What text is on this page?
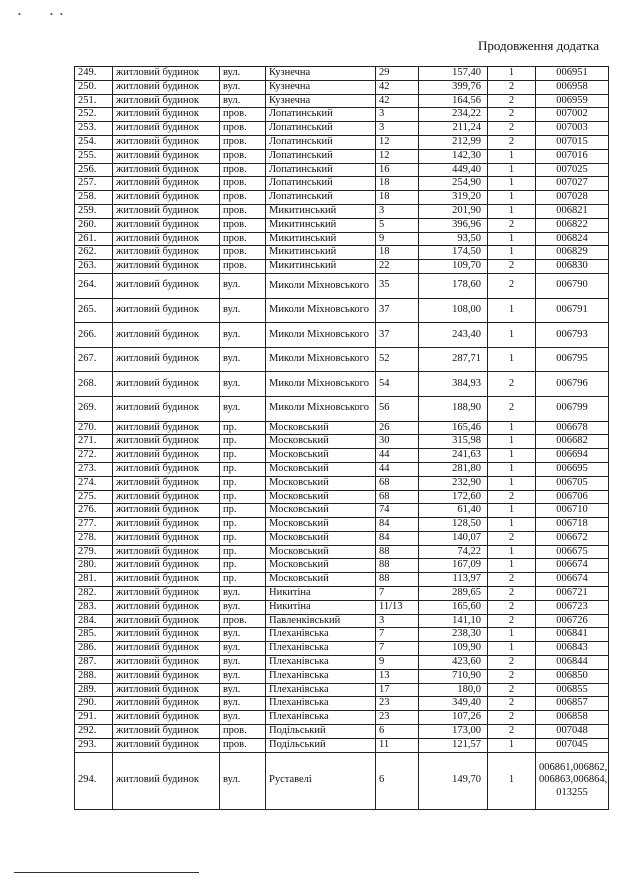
Продовження додатка
•	• •
249.	житловий будинок	вул.	Кузнечна	29	157,40	1	006951
250.	житловий будинок	вул.	Кузнечна	42	399,76	2	006958
251.	житловий будинок	вул.	Кузнечна	42	164,56	2	006959
252.	житловий будинок	пров.	Лопатинський	3	234,22	2	007002
253.	житловий будинок	пров.	Лопатинський	3	211,24	2	007003
254.	житловий будинок	пров.	Лопатинський	12	212,99	2	007015
255.	житловий будинок	пров.	Лопатинський	12	142,30	1	007016
256.	житловий будинок	пров.	Лопатинський	16	449,40	1	007025
257.	житловий будинок	пров.	Лопатинський	18	254,90	1	007027
258.	житловий будинок	пров.	Лопатинський	18	319,20	1	007028
259.	житловий будинок	пров.	Микитинський	3	201,90	1	006821
260.	житловий будинок	пров.	Микитинський	5	396,96	2	006822
261.	житловий будинок	пров.	Микитинський	9	93,50	1	006824
262.	житловий будинок	пров.	Микитинський	18	174,50	1	006829
263.	житловий будинок	пров.	Микитинський	22	109,70	2	006830
264.	житловий будинок	вул.	Миколи Міхновського	35	178,60	2	006790
265.	житловий будинок	вул.	Миколи Міхновського	37	108,00	1	006791
266.	житловий будинок	вул.	Миколи Міхновського	37	243,40	1	006793
267.	житловий будинок	вул.	Миколи Міхновського	52	287,71	1	006795
268.	житловий будинок	вул.	Миколи Міхновського	54	384,93	2	006796
269.	житловий будинок	вул.	Миколи Міхновського	56	188,90	2	006799
270.	житловий будинок	пр.	Московський	26	165,46	1	006678
271.	житловий будинок	пр.	Московський	30	315,98	1	006682
272.	житловий будинок	пр.	Московський	44	241,63	1	006694
273.	житловий будинок	пр.	Московський	44	281,80	1	006695
274.	житловий будинок	пр.	Московський	68	232,90	1	006705
275.	житловий будинок	пр.	Московський	68	172,60	2	006706
276.	житловий будинок	пр.	Московський	74	61,40	1	006710
277.	житловий будинок	пр.	Московський	84	128,50	1	006718
278.	житловий будинок	пр.	Московський	84	140,07	2	006672
279.	житловий будинок	пр.	Московський	88	74,22	1	006675
280.	житловий будинок	пр.	Московський	88	167,09	1	006674
281.	житловий будинок	пр.	Московський	88	113,97	2	006674
282.	житловий будинок	вул.	Никитіна	7	289,65	2	006721
283.	житловий будинок	вул.	Никитіна	11/13	165,60	2	006723
284.	житловий будинок	пров.	Павленківський	3	141,10	2	006726
285.	житловий будинок	вул.	Плеханівська	7	238,30	1	006841
286.	житловий будинок	вул.	Плеханівська	7	109,90	1	006843
287.	житловий будинок	вул.	Плеханівська	9	423,60	2	006844
288.	житловий будинок	вул.	Плеханівська	13	710,90	2	006850
289.	житловий будинок	вул.	Плеханівська	17	180,0	2	006855
290.	житловий будинок	вул.	Плеханівська	23	349,40	2	006857
291.	житловий будинок	вул.	Плеханівська	23	107,26	2	006858
292.	житловий будинок	пров.	Подільський	6	173,00	2	007048
293.	житловий будинок	пров.	Подільський	11	121,57	1	007045
294.	житловий будинок	вул.	Руставелі	6	149,70	1	006861,006862, 006863,006864, 013255
